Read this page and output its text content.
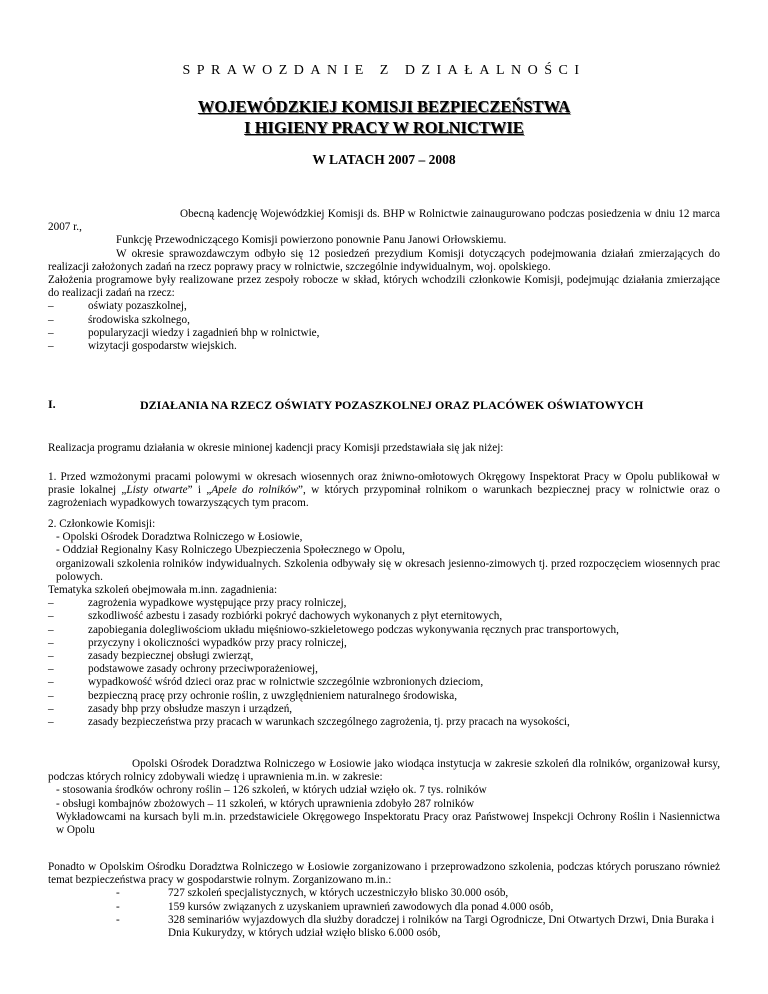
SPRAWOZDANIE Z DZIAŁALNOŚCI
WOJEWÓDZKIEJ KOMISJI BEZPIECZEŃSTWA
I HIGIENY PRACY W ROLNICTWIE
W LATACH 2007 – 2008
Obecną kadencję Wojewódzkiej Komisji ds. BHP w Rolnictwie zainaugurowano podczas posiedzenia w dniu 12 marca 2007 r.,
Funkcję Przewodniczącego Komisji powierzono ponownie Panu Janowi Orłowskiemu.
W okresie sprawozdawczym odbyło się 12 posiedzeń prezydium Komisji dotyczących podejmowania działań zmierzających do realizacji założonych zadań na rzecz poprawy pracy w rolnictwie, szczególnie indywidualnym, woj. opolskiego.
Założenia programowe były realizowane przez zespoły robocze w skład, których wchodzili członkowie Komisji, podejmując działania zmierzające do realizacji zadań na rzecz:
– oświaty pozaszkolnej,
– środowiska szkolnego,
– popularyzacji wiedzy i zagadnień bhp w rolnictwie,
– wizytacji gospodarstw wiejskich.
I.	DZIAŁANIA NA RZECZ OŚWIATY POZASZKOLNEJ ORAZ PLACÓWEK OŚWIATOWYCH
Realizacja programu działania w okresie minionej kadencji pracy Komisji przedstawiała się jak niżej:
1. Przed wzmożonymi pracami polowymi w okresach wiosennych oraz żniwno-omłotowych Okręgowy Inspektorat Pracy w Opolu publikował w prasie lokalnej „Listy otwarte” i „Apele do rolników”, w których przypominał rolnikom o warunkach bezpiecznej pracy w rolnictwie oraz o zagrożeniach wypadkowych towarzyszących tym pracom.
2. Członkowie Komisji:
- Opolski Ośrodek Doradztwa Rolniczego w Łosiowie,
- Oddział Regionalny Kasy Rolniczego Ubezpieczenia Społecznego w Opolu,
organizowali szkolenia rolników indywidualnych. Szkolenia odbywały się w okresach jesienno-zimowych tj. przed rozpoczęciem wiosennych prac polowych.
Tematyka szkoleń obejmowała m.inn. zagadnienia:
– zagrożenia wypadkowe występujące przy pracy rolniczej,
– szkodliwość azbestu i zasady rozbiórki pokryć dachowych wykonanych z płyt eternitowych,
– zapobiegania dolegliwościom układu mięśniowo-szkieletowego podczas wykonywania ręcznych prac transportowych,
– przyczyny i okoliczności wypadków przy pracy rolniczej,
– zasady bezpiecznej obsługi zwierząt,
– podstawowe zasady ochrony przeciwporażeniowej,
– wypadkowość wśród dzieci oraz prac w rolnictwie szczególnie wzbronionych dzieciom,
– bezpieczną pracę przy ochronie roślin, z uwzględnieniem naturalnego środowiska,
– zasady bhp przy obsłudze maszyn i urządzeń,
– zasady bezpieczeństwa przy pracach w warunkach szczególnego zagrożenia, tj. przy pracach na wysokości,
Opolski Ośrodek Doradztwa Rolniczego w Łosiowie jako wiodąca instytucja w zakresie szkoleń dla rolników, organizował kursy, podczas których rolnicy zdobywali wiedzę i uprawnienia m.in. w zakresie:
- stosowania środków ochrony roślin – 126 szkoleń, w których udział wzięło ok. 7 tys. rolników
- obsługi kombajnów zbożowych – 11 szkoleń, w których uprawnienia zdobyło 287 rolników
Wykładowcami na kursach byli m.in. przedstawiciele Okręgowego Inspektoratu Pracy oraz Państwowej Inspekcji Ochrony Roślin i Nasiennictwa w Opolu
Ponadto w Opolskim Ośrodku Doradztwa Rolniczego w Łosiowie zorganizowano i przeprowadzono szkolenia, podczas których poruszano również temat bezpieczeństwa pracy w gospodarstwie rolnym. Zorganizowano m.in.:
- 727 szkoleń specjalistycznych, w których uczestniczyło blisko 30.000 osób,
- 159 kursów związanych z uzyskaniem uprawnień zawodowych dla ponad 4.000 osób,
- 328 seminariów wyjazdowych dla służby doradczej i rolników na Targi Ogrodnicze, Dni Otwartych Drzwi, Dnia Buraka i Dnia Kukurydzy, w których udział wzięło blisko 6.000 osób,
